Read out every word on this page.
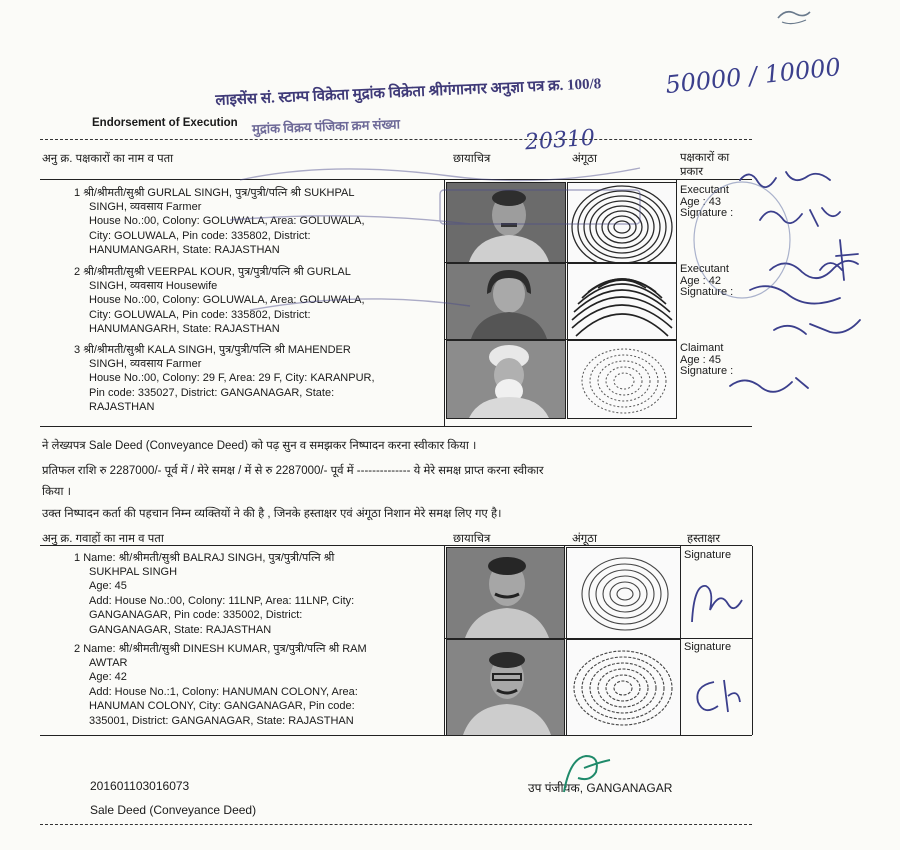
लाइसेंस सं. स्टाम्प विक्रेता मुद्रांक विक्रेता श्रीगंगानगर अनुज्ञा पत्र क्र. 100/8
मुद्रांक विक्रय पंजिका क्रम संख्या
50000 / 10000
20310
Endorsement of Execution
अनु क्र. पक्षकारों का नाम व पता	छायाचित्र	अंगूठा	पक्षकारों का प्रकार
1 श्री/श्रीमती/सुश्री GURLAL SINGH, पुत्र/पुत्री/पत्नि श्री SUKHPAL
SINGH, व्यवसाय Farmer
House No.:00, Colony: GOLUWALA, Area: GOLUWALA,
City: GOLUWALA, Pin code: 335802, District:
HANUMANGARH, State: RAJASTHAN
Executant
Age : 43
Signature :
2 श्री/श्रीमती/सुश्री VEERPAL KOUR, पुत्र/पुत्री/पत्नि श्री GURLAL
SINGH, व्यवसाय Housewife
House No.:00, Colony: GOLUWALA, Area: GOLUWALA,
City: GOLUWALA, Pin code: 335802, District:
HANUMANGARH, State: RAJASTHAN
Executant
Age : 42
Signature :
3 श्री/श्रीमती/सुश्री KALA SINGH, पुत्र/पुत्री/पत्नि श्री MAHENDER
SINGH, व्यवसाय Farmer
House No.:00, Colony: 29 F, Area: 29 F, City: KARANPUR,
Pin code: 335027, District: GANGANAGAR, State:
RAJASTHAN
Claimant
Age : 45
Signature :
ने लेख्यपत्र Sale Deed (Conveyance Deed) को पढ़ सुन व समझकर निष्पादन करना स्वीकार किया ।
प्रतिफल राशि रु 2287000/- पूर्व में / मेरे समक्ष / में से रु 2287000/- पूर्व में -------------- ये मेरे समक्ष प्राप्त करना स्वीकार
किया ।
उक्त निष्पादन कर्ता की पहचान निम्न व्यक्तियों ने की है , जिनके हस्ताक्षर एवं अंगूठा निशान मेरे समक्ष लिए गए है।
अनु क्र. गवाहों का नाम व पता	छायाचित्र	अंगूठा	हस्ताक्षर
1 Name: श्री/श्रीमती/सुश्री BALRAJ SINGH, पुत्र/पुत्री/पत्नि श्री
SUKHPAL SINGH
Age: 45
Add: House No.:00, Colony: 11LNP, Area: 11LNP, City:
GANGANAGAR, Pin code: 335002, District:
GANGANAGAR, State: RAJASTHAN
Signature
2 Name: श्री/श्रीमती/सुश्री DINESH KUMAR, पुत्र/पुत्री/पत्नि श्री RAM
AWTAR
Age: 42
Add: House No.:1, Colony: HANUMAN COLONY, Area:
HANUMAN COLONY, City: GANGANAGAR, Pin code:
335001, District: GANGANAGAR, State: RAJASTHAN
Signature
201601103016073	उप पंजीयक, GANGANAGAR
Sale Deed (Conveyance Deed)
